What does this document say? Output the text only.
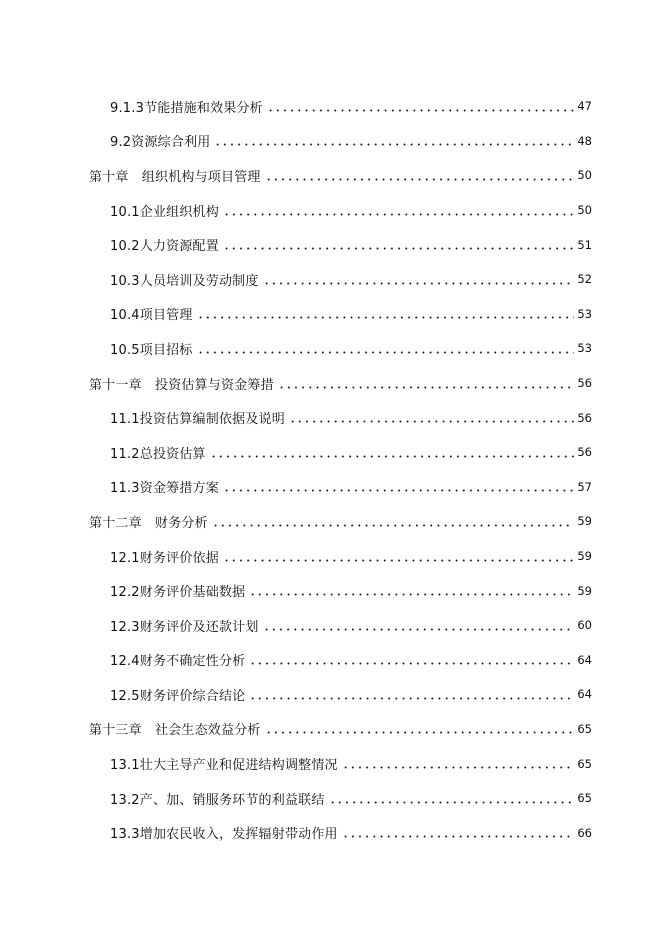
9.1.3节能措施和效果分析	47
9.2资源综合利用	48
第十章　组织机构与项目管理	50
10.1企业组织机构	50
10.2人力资源配置	51
10.3人员培训及劳动制度	52
10.4项目管理	53
10.5项目招标	53
第十一章　投资估算与资金筹措	56
11.1投资估算编制依据及说明	56
11.2总投资估算	56
11.3资金筹措方案	57
第十二章　财务分析	59
12.1财务评价依据	59
12.2财务评价基础数据	59
12.3财务评价及还款计划	60
12.4财务不确定性分析	64
12.5财务评价综合结论	64
第十三章　社会生态效益分析	65
13.1壮大主导产业和促进结构调整情况	65
13.2产、加、销服务环节的利益联结	65
13.3增加农民收入，发挥辐射带动作用	66
